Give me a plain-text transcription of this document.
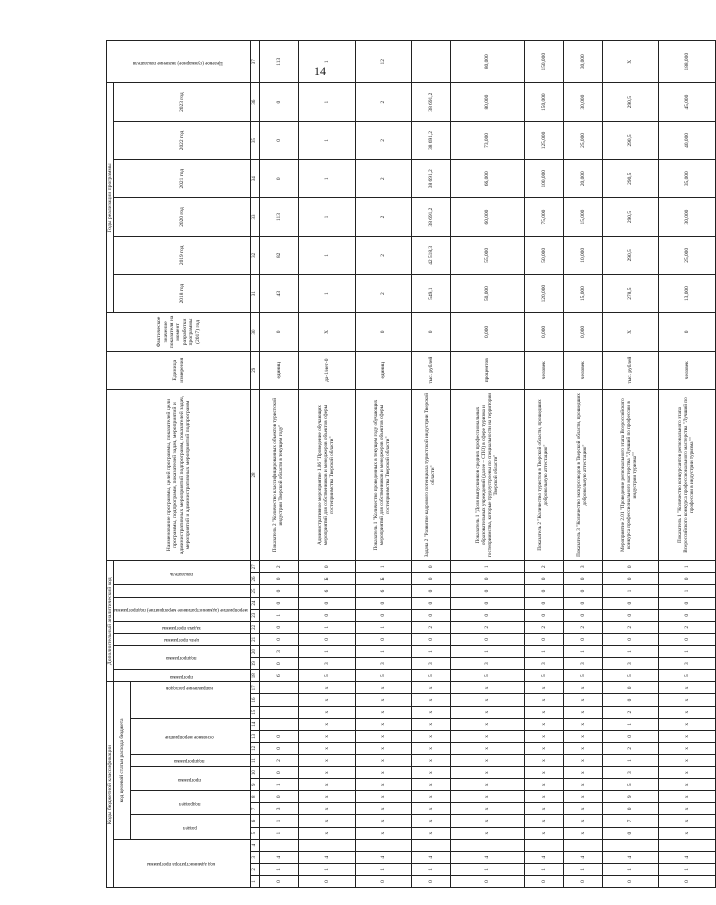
14
Коды бюджетной классификации																	Дополнительный аналитический код										Наименование программы, целей программы, показателей цели программы, подпрограмм, показателей задач, мероприятий и административных мероприятий подпрограмм, показателей задач, мероприятий и административных мероприятий подпрограмм	Единица измерения	Фактическое значение показателя на момент разработки программы (2017) год	Годы реализации программы						Целевое (суммарное) значение показателя
код администратора программы				код целевой статьи расхода бюджета													программа	подпрограмма		цель программы	задача программы	мероприятие (административное мероприятие) подпрограммы			показатель					2018 год	2019 год	2020 год	2021 год	2022 год	2023 год	
				раздел		подраздел		программа		подпрограмма	основное мероприятие			направление расходов																						
1	2	3	4	5	6	7	8	9	10	11	12	13	14	15	16	17	18	19	20	21	22	23	24	25	26	27	28	29	30	31	32	33	34	35	36	37
0	1	4		1	1	3	0	1	0	2	0	0					6	0	3	0	0	1	0	0	0	2	Показатель 2 "Количество классифицированных объектов туристской индустрии Тверской области в текущем году"	единиц	0	43	82	113	0	0	0	113
0	1	4		x	x	x	x	x	x	x	x	x	x	x	x	x	5	3	1	0	1	0	0	6	Б	0	Административное мероприятие 1.06 "Проведение обучающих мероприятий для собственников и менеджеров объектов сферы гостеприимства Тверской области"	да-1/нет-0	X	1	1	1	1	1	1	1
0	1	4		x	x	x	x	x	x	x	x	x	x	x	x	x	5	3	1	0	1	0	0	6	Б	1	Показатель 1 "Количество проведенных в текущем году обучающих мероприятий для собственников и менеджеров объектов сферы гостеприимства Тверской области"	единиц	0	2	2	2	2	2	2	12
0	1	4		x	x	x	x	x	x	x	x	x	x	x	x	x	5	3	1	0	2	0	0	0	0	0	Задача 2 "Развитие кадрового потенциала туристской индустрии Тверской области"	тыс. рублей	0	549,1	42 518,3	38 691,2	38 691,2	38 691,2	38 691,2	
0	1	4		x	x	x	x	x	x	x	x	x	x	x	x	x	5	3	1	0	2	0	0	0	0	1	Показатель 1 "Доля выпускников средних профессиональных образовательных учреждений (далее – СПО) в сфере туризма и гостеприимства, которые трудоустроены по специальности на территории Тверской области"	процентов	0,000	50,000	55,000	60,000	66,000	73,000	80,000	80,000
0	1	4		x	x	x	x	x	x	x	x	x	x	x	x	x	5	3	1	0	2	0	0	0	0	2	Показатель 2 "Количество туристов в Тверской области, прошедших добровольную аттестацию"	человек	0,000	120,000	50,000	75,000	100,000	125,000	150,000	150,000
0	1	4		x	x	x	x	x	x	x	x	x	x	x	x	x	5	3	1	0	2	0	0	0	0	3	Показатель 3 "Количество экскурсоводов в Тверской области, прошедших добровольную аттестацию"	человек	0,000	15,000	10,000	15,000	20,000	25,000	30,000	30,000
0	1	4		0	7	0	9	5	3	1	2	0	1	2	0	0	5	3	1	0	2	0	0	1	0	0	Мероприятие 2.01 "Проведение регионального этапа Всероссийского конкурса профессионального мастерства "Лучший по профессии в индустрии туризма""	тыс. рублей	X	278,5	290,5	290,5	290,5	290,5	290,5	X
0	1	4		x	x	x	x	x	x	x	x	x	x	x	x	x	5	3	1	0	2	0	0	1	0	1	Показатель 1 "Количество конкурсантов регионального этапа Всероссийского конкурса профессионального мастерства "Лучший по профессии в индустрии туризма""	человек	0	13,000	25,000	30,000	35,000	40,000	45,000	188,000
